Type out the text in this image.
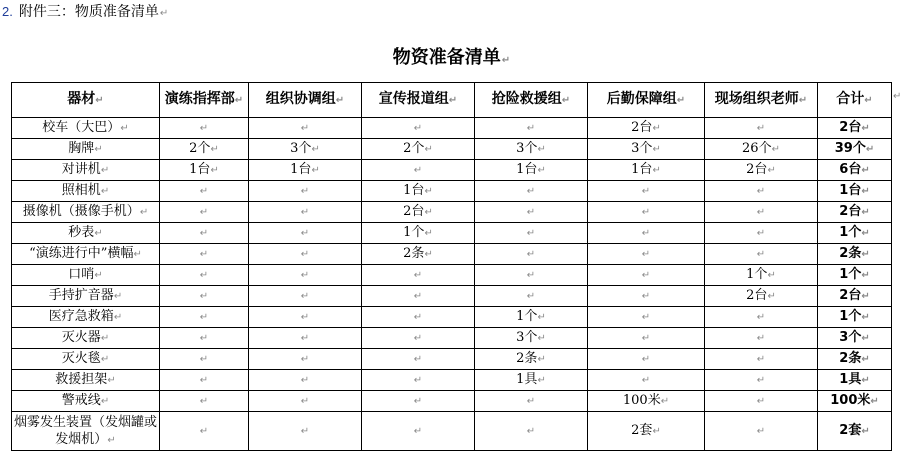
2. 附件三：物质准备清单↵
物资准备清单↵
器材↵	演练指挥部↵	组织协调组↵	宣传报道组↵	抢险救援组↵	后勤保障组↵	现场组织老师↵	合计↵
校车（大巴）↵	↵	↵	↵	↵	2台↵	↵	2台↵
胸牌↵	2个↵	3个↵	2个↵	3个↵	3个↵	26个↵	39个↵
对讲机↵	1台↵	1台↵	↵	1台↵	1台↵	2台↵	6台↵
照相机↵	↵	↵	1台↵	↵	↵	↵	1台↵
摄像机（摄像手机）↵	↵	↵	2台↵	↵	↵	↵	2台↵
秒表↵	↵	↵	1个↵	↵	↵	↵	1个↵
“演练进行中”横幅↵	↵	↵	2条↵	↵	↵	↵	2条↵
口哨↵	↵	↵	↵	↵	↵	1个↵	1个↵
手持扩音器↵	↵	↵	↵	↵	↵	2台↵	2台↵
医疗急救箱↵	↵	↵	↵	1个↵	↵	↵	1个↵
灭火器↵	↵	↵	↵	3个↵	↵	↵	3个↵
灭火毯↵	↵	↵	↵	2条↵	↵	↵	2条↵
救援担架↵	↵	↵	↵	1具↵	↵	↵	1具↵
警戒线↵	↵	↵	↵	↵	100米↵	↵	100米↵
烟雾发生装置（发烟罐或发烟机）↵	↵	↵	↵	↵	2套↵	↵	2套↵
↵
